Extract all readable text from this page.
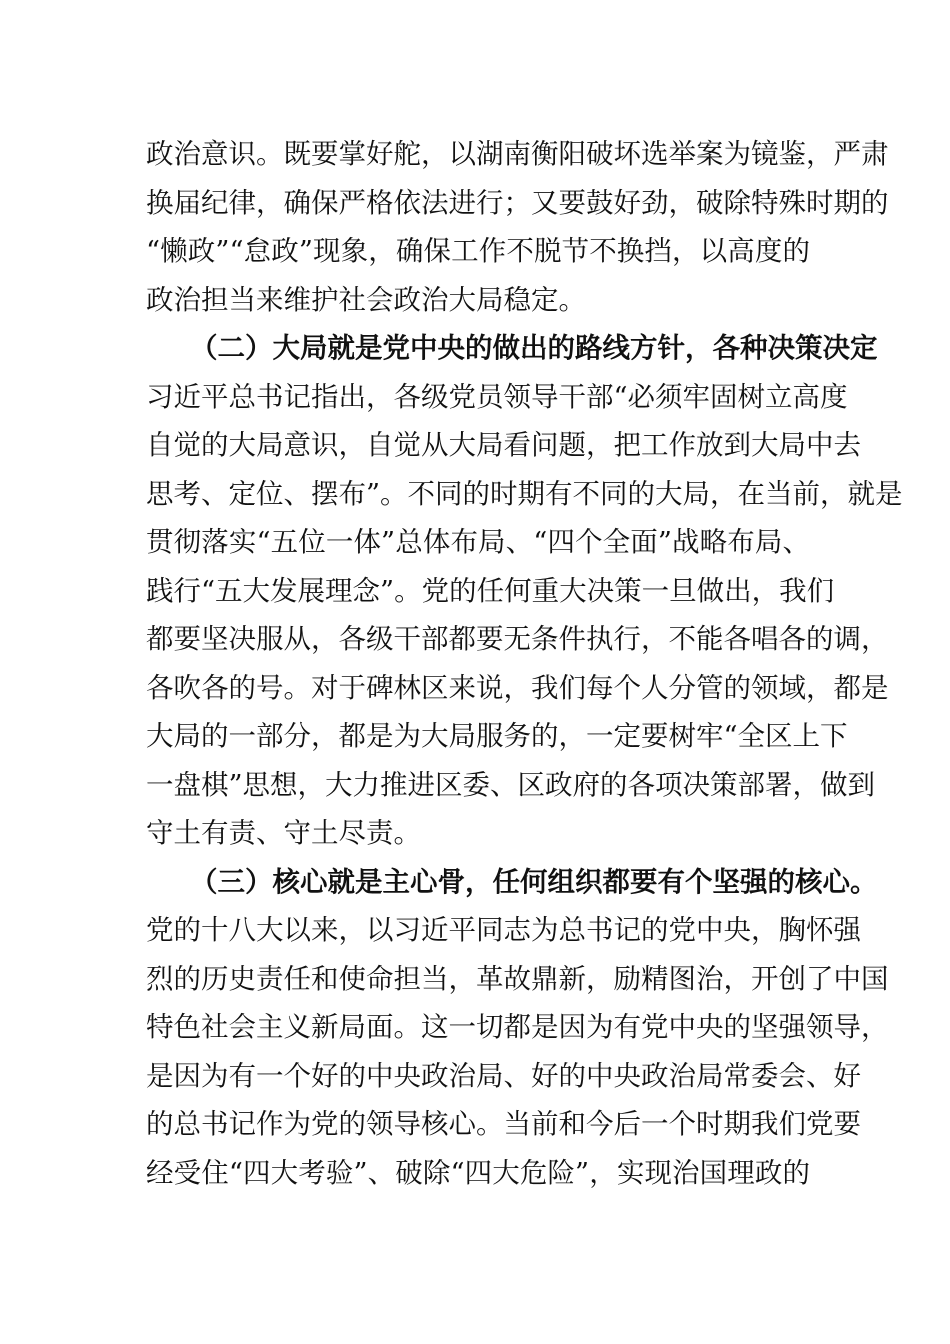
政治意识。既要掌好舵，以湖南衡阳破坏选举案为镜鉴，严肃
换届纪律，确保严格依法进行；又要鼓好劲，破除特殊时期的
“懒政”“怠政”现象，确保工作不脱节不换挡，以高度的
政治担当来维护社会政治大局稳定。
（二）大局就是党中央的做出的路线方针，各种决策决定
习近平总书记指出，各级党员领导干部“必须牢固树立高度
自觉的大局意识，自觉从大局看问题，把工作放到大局中去
思考、定位、摆布”。不同的时期有不同的大局，在当前，就是
贯彻落实“五位一体”总体布局、“四个全面”战略布局、
践行“五大发展理念”。党的任何重大决策一旦做出，我们
都要坚决服从，各级干部都要无条件执行，不能各唱各的调，
各吹各的号。对于碑林区来说，我们每个人分管的领域，都是
大局的一部分，都是为大局服务的，一定要树牢“全区上下
一盘棋”思想，大力推进区委、区政府的各项决策部署，做到
守土有责、守土尽责。
（三）核心就是主心骨，任何组织都要有个坚强的核心。
党的十八大以来，以习近平同志为总书记的党中央，胸怀强
烈的历史责任和使命担当，革故鼎新，励精图治，开创了中国
特色社会主义新局面。这一切都是因为有党中央的坚强领导，
是因为有一个好的中央政治局、好的中央政治局常委会、好
的总书记作为党的领导核心。当前和今后一个时期我们党要
经受住“四大考验”、破除“四大危险”，实现治国理政的
